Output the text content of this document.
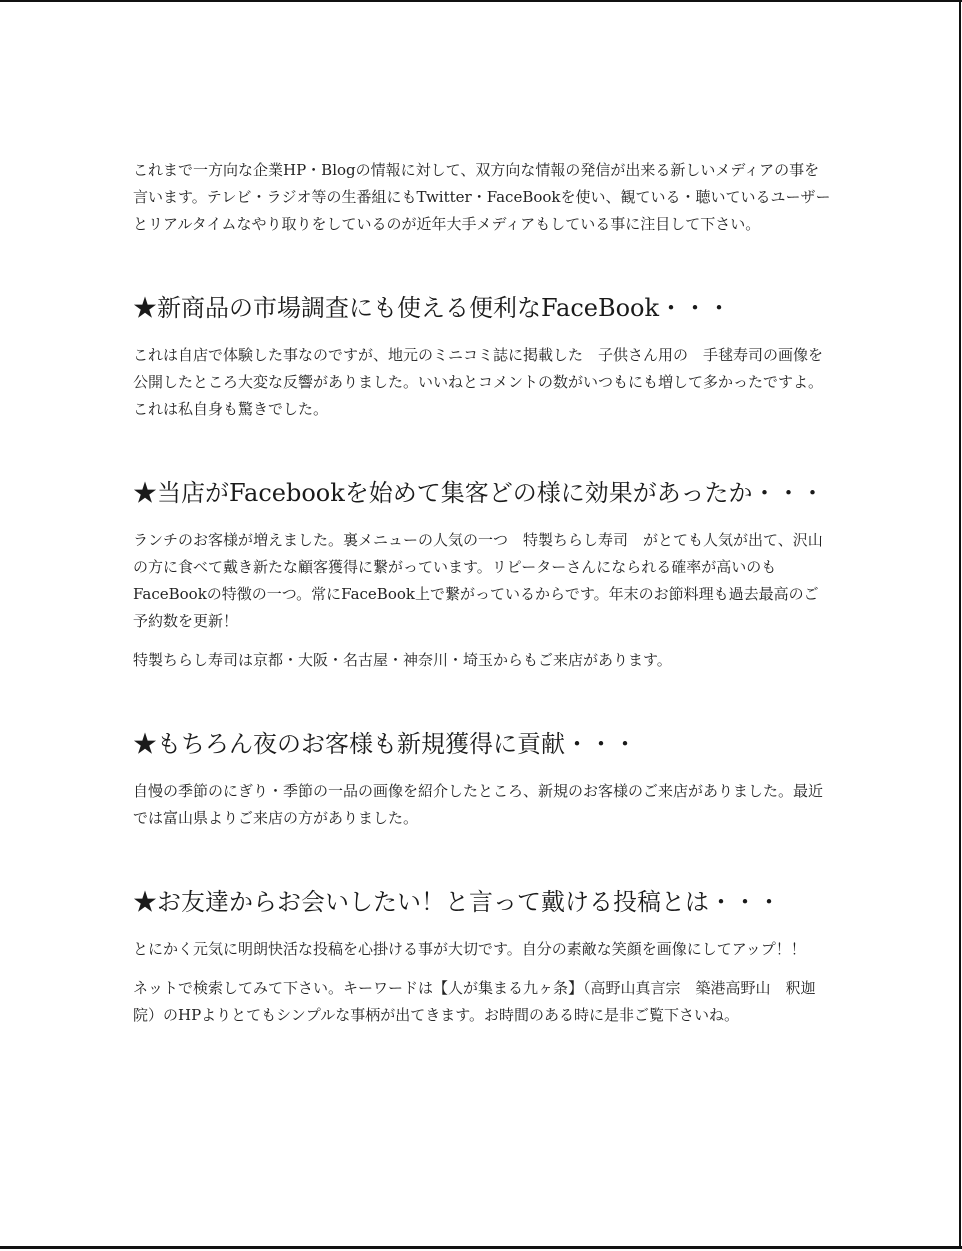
これまで一方向な企業HP・Blogの情報に対して、双方向な情報の発信が出来る新しいメディアの事を言います。テレビ・ラジオ等の生番組にもTwitter・FaceBookを使い、観ている・聴いているユーザーとリアルタイムなやり取りをしているのが近年大手メディアもしている事に注目して下さい。

★新商品の市場調査にも使える便利なFaceBook・・・

これは自店で体験した事なのですが、地元のミニコミ誌に掲載した　子供さん用の　手毬寿司の画像を公開したところ大変な反響がありました。いいねとコメントの数がいつもにも増して多かったですよ。これは私自身も驚きでした。

★当店がFacebookを始めて集客どの様に効果があったか・・・

ランチのお客様が増えました。裏メニューの人気の一つ　特製ちらし寿司　がとても人気が出て、沢山の方に食べて戴き新たな顧客獲得に繋がっています。リピーターさんになられる確率が高いのもFaceBookの特徴の一つ。常にFaceBook上で繋がっているからです。年末のお節料理も過去最高のご予約数を更新！

特製ちらし寿司は京都・大阪・名古屋・神奈川・埼玉からもご来店があります。

★もちろん夜のお客様も新規獲得に貢献・・・

自慢の季節のにぎり・季節の一品の画像を紹介したところ、新規のお客様のご来店がありました。最近では富山県よりご来店の方がありました。

★お友達からお会いしたい！と言って戴ける投稿とは・・・

とにかく元気に明朗快活な投稿を心掛ける事が大切です。自分の素敵な笑顔を画像にしてアップ！！

ネットで検索してみて下さい。キーワードは【人が集まる九ヶ条】（高野山真言宗　築港高野山　釈迦院）のHPよりとてもシンプルな事柄が出てきます。お時間のある時に是非ご覧下さいね。
